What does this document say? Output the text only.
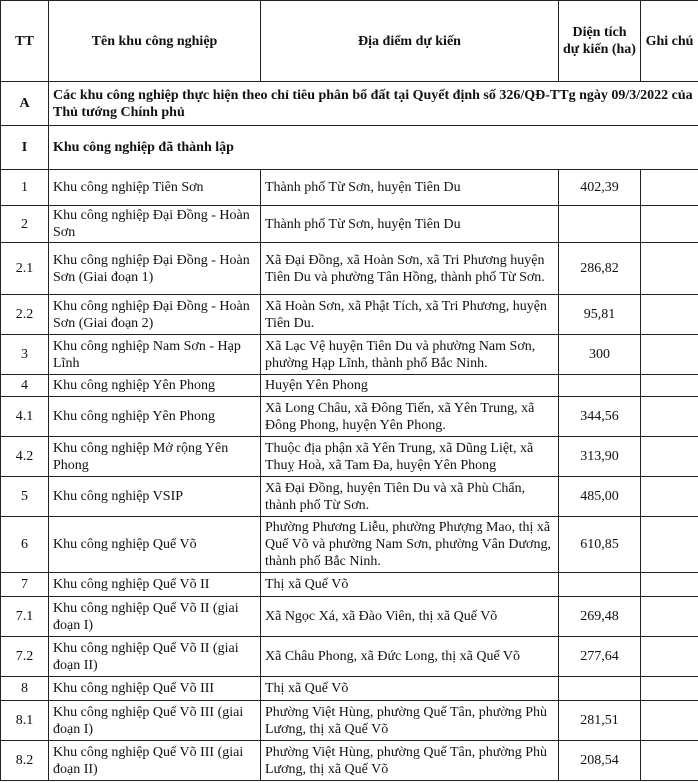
TT	Tên khu công nghiệp	Địa điểm dự kiến	Diện tích dự kiến (ha)	Ghi chú
A	Các khu công nghiệp thực hiện theo chỉ tiêu phân bổ đất tại Quyết định số 326/QĐ-TTg ngày 09/3/2022 của Thủ tướng Chính phủ			
I	Khu công nghiệp đã thành lập			
1	Khu công nghiệp Tiên Sơn	Thành phố Từ Sơn, huyện Tiên Du	402,39	
2	Khu công nghiệp Đại Đồng - Hoàn Sơn	Thành phố Từ Sơn, huyện Tiên Du		
2.1	Khu công nghiệp Đại Đồng - Hoàn Sơn (Giai đoạn 1)	Xã Đại Đồng, xã Hoàn Sơn, xã Tri Phương huyện Tiên Du và phường Tân Hồng, thành phố Từ Sơn.	286,82	
2.2	Khu công nghiệp Đại Đồng - Hoàn Sơn (Giai đoạn 2)	Xã Hoàn Sơn, xã Phật Tích, xã Tri Phương, huyện Tiên Du.	95,81	
3	Khu công nghiệp Nam Sơn - Hạp Lĩnh	Xã Lạc Vệ huyện Tiên Du và phường Nam Sơn, phường Hạp Lĩnh, thành phố Bắc Ninh.	300	
4	Khu công nghiệp Yên Phong	Huyện Yên Phong		
4.1	Khu công nghiệp Yên Phong	Xã Long Châu, xã Đông Tiến, xã Yên Trung, xã Đông Phong, huyện Yên Phong.	344,56	
4.2	Khu công nghiệp Mở rộng Yên Phong	Thuộc địa phận xã Yên Trung, xã Dũng Liệt, xã Thuỵ Hoà, xã Tam Đa, huyện Yên Phong	313,90	
5	Khu công nghiệp VSIP	Xã Đại Đồng, huyện Tiên Du và xã Phù Chẩn, thành phố Từ Sơn.	485,00	
6	Khu công nghiệp Quế Võ	Phường Phương Liễu, phường Phượng Mao, thị xã Quế Võ và phường Nam Sơn, phường Vân Dương, thành phố Bắc Ninh.	610,85	
7	Khu công nghiệp Quế Võ II	Thị xã Quế Võ		
7.1	Khu công nghiệp Quế Võ II (giai đoạn I)	Xã Ngọc Xá, xã Đào Viên, thị xã Quế Võ	269,48	
7.2	Khu công nghiệp Quế Võ II (giai đoạn II)	Xã Châu Phong, xã Đức Long, thị xã Quế Võ	277,64	
8	Khu công nghiệp Quế Võ III	Thị xã Quế Võ		
8.1	Khu công nghiệp Quế Võ III (giai đoạn I)	Phường Việt Hùng, phường Quế Tân, phường Phù Lương, thị xã Quế Võ	281,51	
8.2	Khu công nghiệp Quế Võ III (giai đoạn II)	Phường Việt Hùng, phường Quế Tân, phường Phù Lương, thị xã Quế Võ	208,54	
